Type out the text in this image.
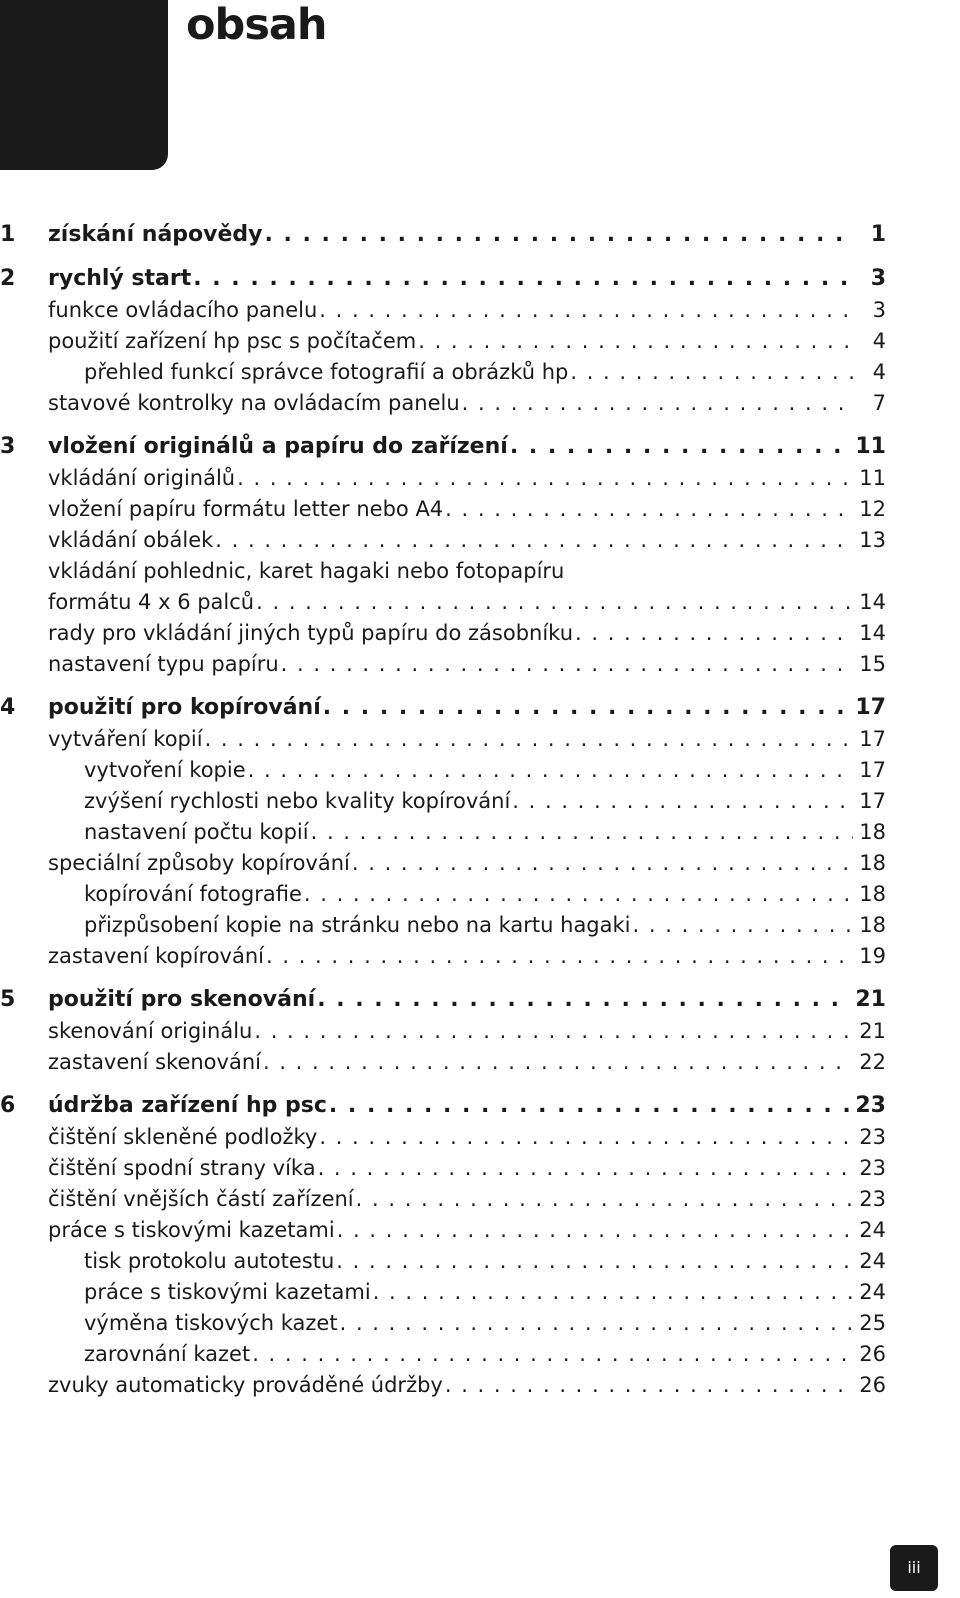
obsah
1	získání nápovědy . . .	1
2	rychlý start . . .	3
funkce ovládacího panelu . . .	3
použití zařízení hp psc s počítačem . . .	4
přehled funkcí správce fotografií a obrázků hp . . .	4
stavové kontrolky na ovládacím panelu . . .	7
3	vložení originálů a papíru do zařízení . . .	11
vkládání originálů . . .	11
vložení papíru formátu letter nebo A4 . . .	12
vkládání obálek . . .	13
vkládání pohlednic, karet hagaki nebo fotopapíru
formátu 4 x 6 palců . . .	14
rady pro vkládání jiných typů papíru do zásobníku . . .	14
nastavení typu papíru . . .	15
4	použití pro kopírování . . .	17
vytváření kopií . . .	17
vytvoření kopie . . .	17
zvýšení rychlosti nebo kvality kopírování . . .	17
nastavení počtu kopií . . .	18
speciální způsoby kopírování . . .	18
kopírování fotografie . . .	18
přizpůsobení kopie na stránku nebo na kartu hagaki . . .	18
zastavení kopírování . . .	19
5	použití pro skenování . . .	21
skenování originálu . . .	21
zastavení skenování . . .	22
6	údržba zařízení hp psc . . .	23
čištění skleněné podložky . . .	23
čištění spodní strany víka . . .	23
čištění vnějších částí zařízení . . .	23
práce s tiskovými kazetami . . .	24
tisk protokolu autotestu . . .	24
práce s tiskovými kazetami . . .	24
výměna tiskových kazet . . .	25
zarovnání kazet . . .	26
zvuky automaticky prováděné údržby . . .	26
iii
